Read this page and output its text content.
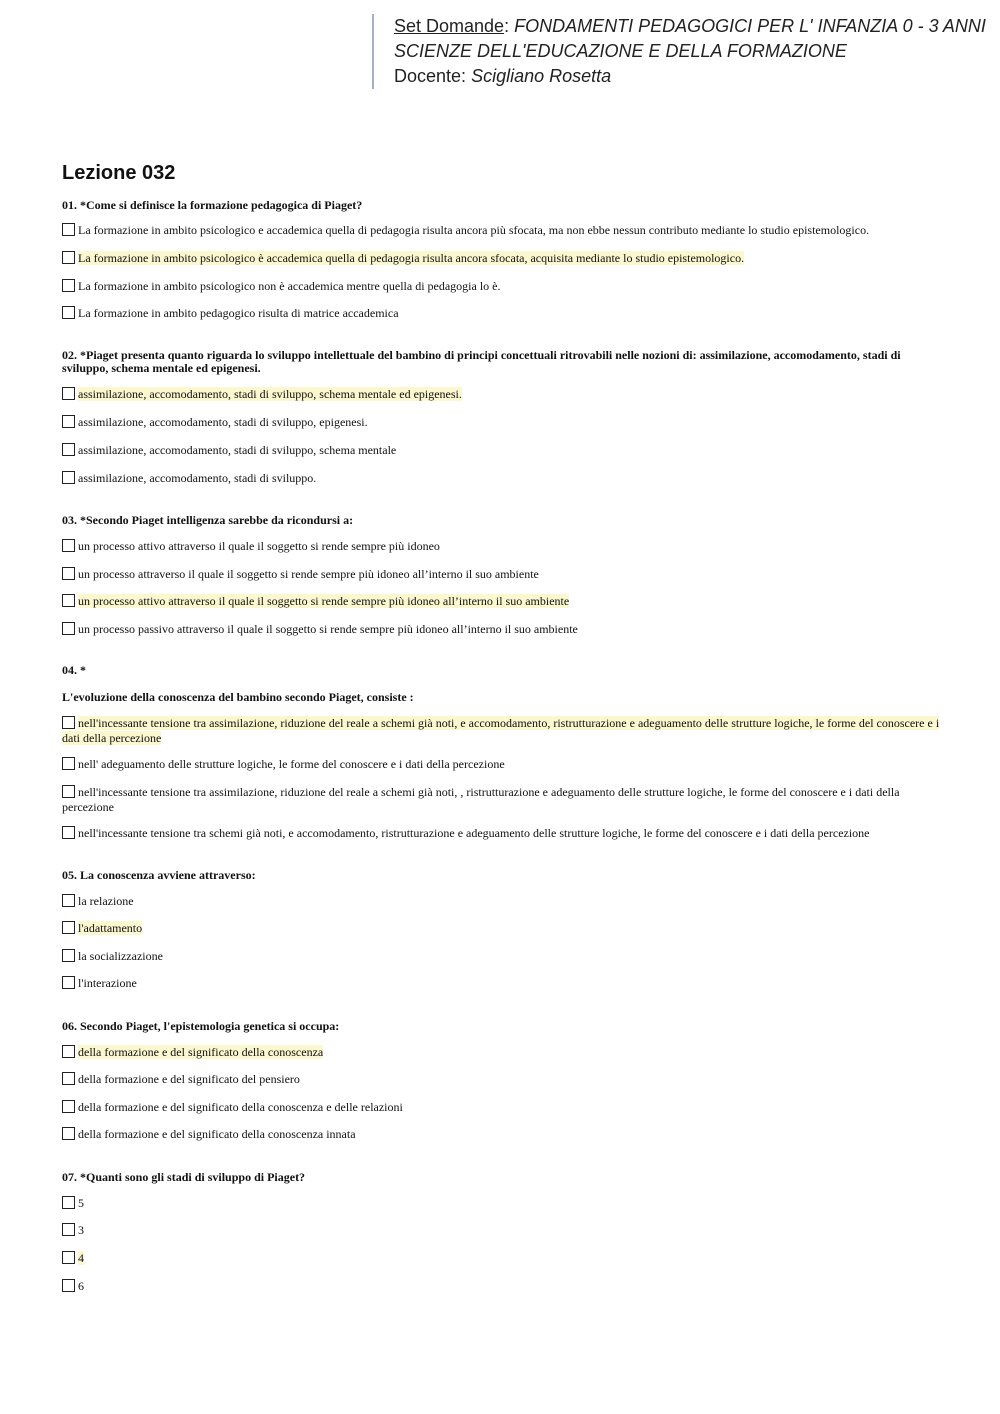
Set Domande: FONDAMENTI PEDAGOGICI PER L' INFANZIA 0 - 3 ANNI
SCIENZE DELL'EDUCAZIONE E DELLA FORMAZIONE
Docente: Scigliano Rosetta
Lezione 032
01. *Come si definisce la formazione pedagogica di Piaget?
La formazione in ambito psicologico e accademica quella di pedagogia risulta ancora più sfocata, ma non ebbe nessun contributo mediante lo studio epistemologico.
La formazione in ambito psicologico è accademica quella di pedagogia risulta ancora sfocata, acquisita mediante lo studio epistemologico.
La formazione in ambito psicologico non è accademica mentre quella di pedagogia lo è.
La formazione in ambito pedagogico risulta di matrice accademica
02. *Piaget presenta quanto riguarda lo sviluppo intellettuale del bambino di principi concettuali ritrovabili nelle nozioni di: assimilazione, accomodamento, stadi di sviluppo, schema mentale ed epigenesi.
assimilazione, accomodamento, stadi di sviluppo, schema mentale ed epigenesi.
assimilazione, accomodamento, stadi di sviluppo, epigenesi.
assimilazione, accomodamento, stadi di sviluppo, schema mentale
assimilazione, accomodamento, stadi di sviluppo.
03. *Secondo Piaget intelligenza sarebbe da ricondursi a:
un processo attivo attraverso il quale il soggetto si rende sempre più idoneo
un processo attraverso il quale il soggetto si rende sempre più idoneo all’interno il suo ambiente
un processo attivo attraverso il quale il soggetto si rende sempre più idoneo all’interno il suo ambiente
un processo passivo attraverso il quale il soggetto si rende sempre più idoneo all’interno il suo ambiente
04. *
L'evoluzione della conoscenza del bambino secondo Piaget, consiste :
nell'incessante tensione tra assimilazione, riduzione del reale a schemi già noti, e accomodamento, ristrutturazione e adeguamento delle strutture logiche, le forme del conoscere e i dati della percezione
nell' adeguamento delle strutture logiche, le forme del conoscere e i dati della percezione
nell'incessante tensione tra assimilazione, riduzione del reale a schemi già noti, , ristrutturazione e adeguamento delle strutture logiche, le forme del conoscere e i dati della percezione
nell'incessante tensione tra schemi già noti, e accomodamento, ristrutturazione e adeguamento delle strutture logiche, le forme del conoscere e i dati della percezione
05. La conoscenza avviene attraverso:
la relazione
l'adattamento
la socializzazione
l'interazione
06. Secondo Piaget, l'epistemologia genetica si occupa:
della formazione e del significato della conoscenza
della formazione e del significato del pensiero
della formazione e del significato della conoscenza e delle relazioni
della formazione e del significato della conoscenza innata
07. *Quanti sono gli stadi di sviluppo di Piaget?
5
3
4
6
